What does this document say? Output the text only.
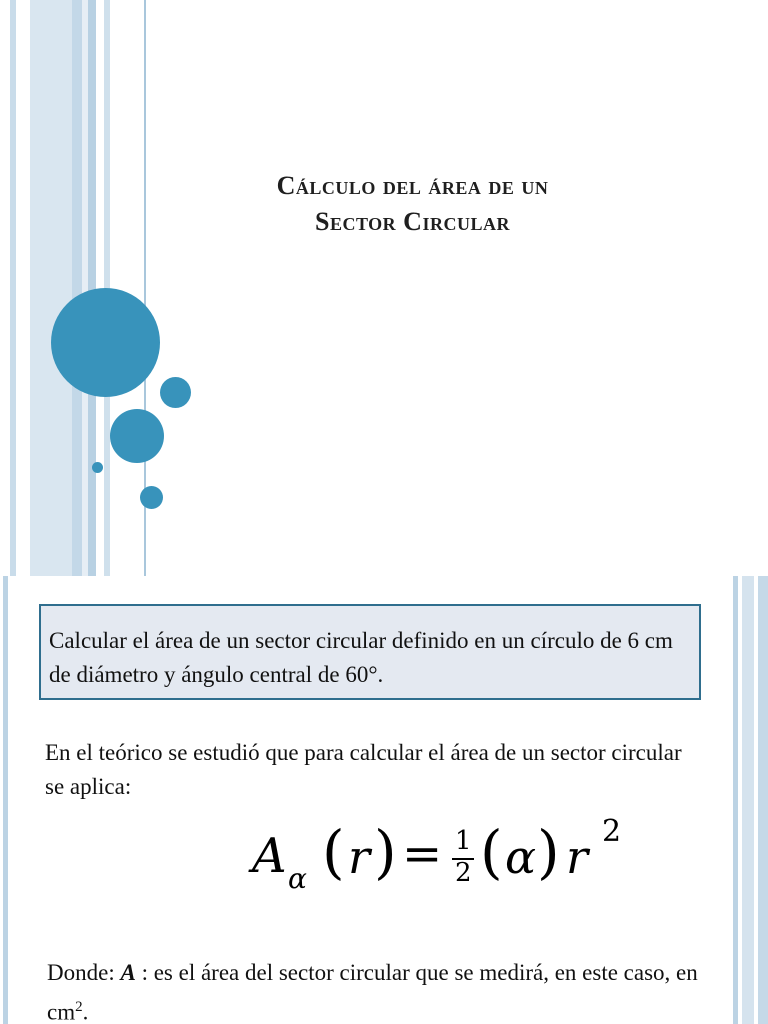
Cálculo del área de un
Sector Circular
Calcular el área de un sector circular definido en un círculo de 6 cm de diámetro y ángulo central de 60°.
En el teórico se estudió que para calcular el área de un sector circular se aplica:
A α ( r ) = 1
2 ( α ) r 2
Donde: A : es el área del sector circular que se medirá, en este caso, en $cm^2$.
